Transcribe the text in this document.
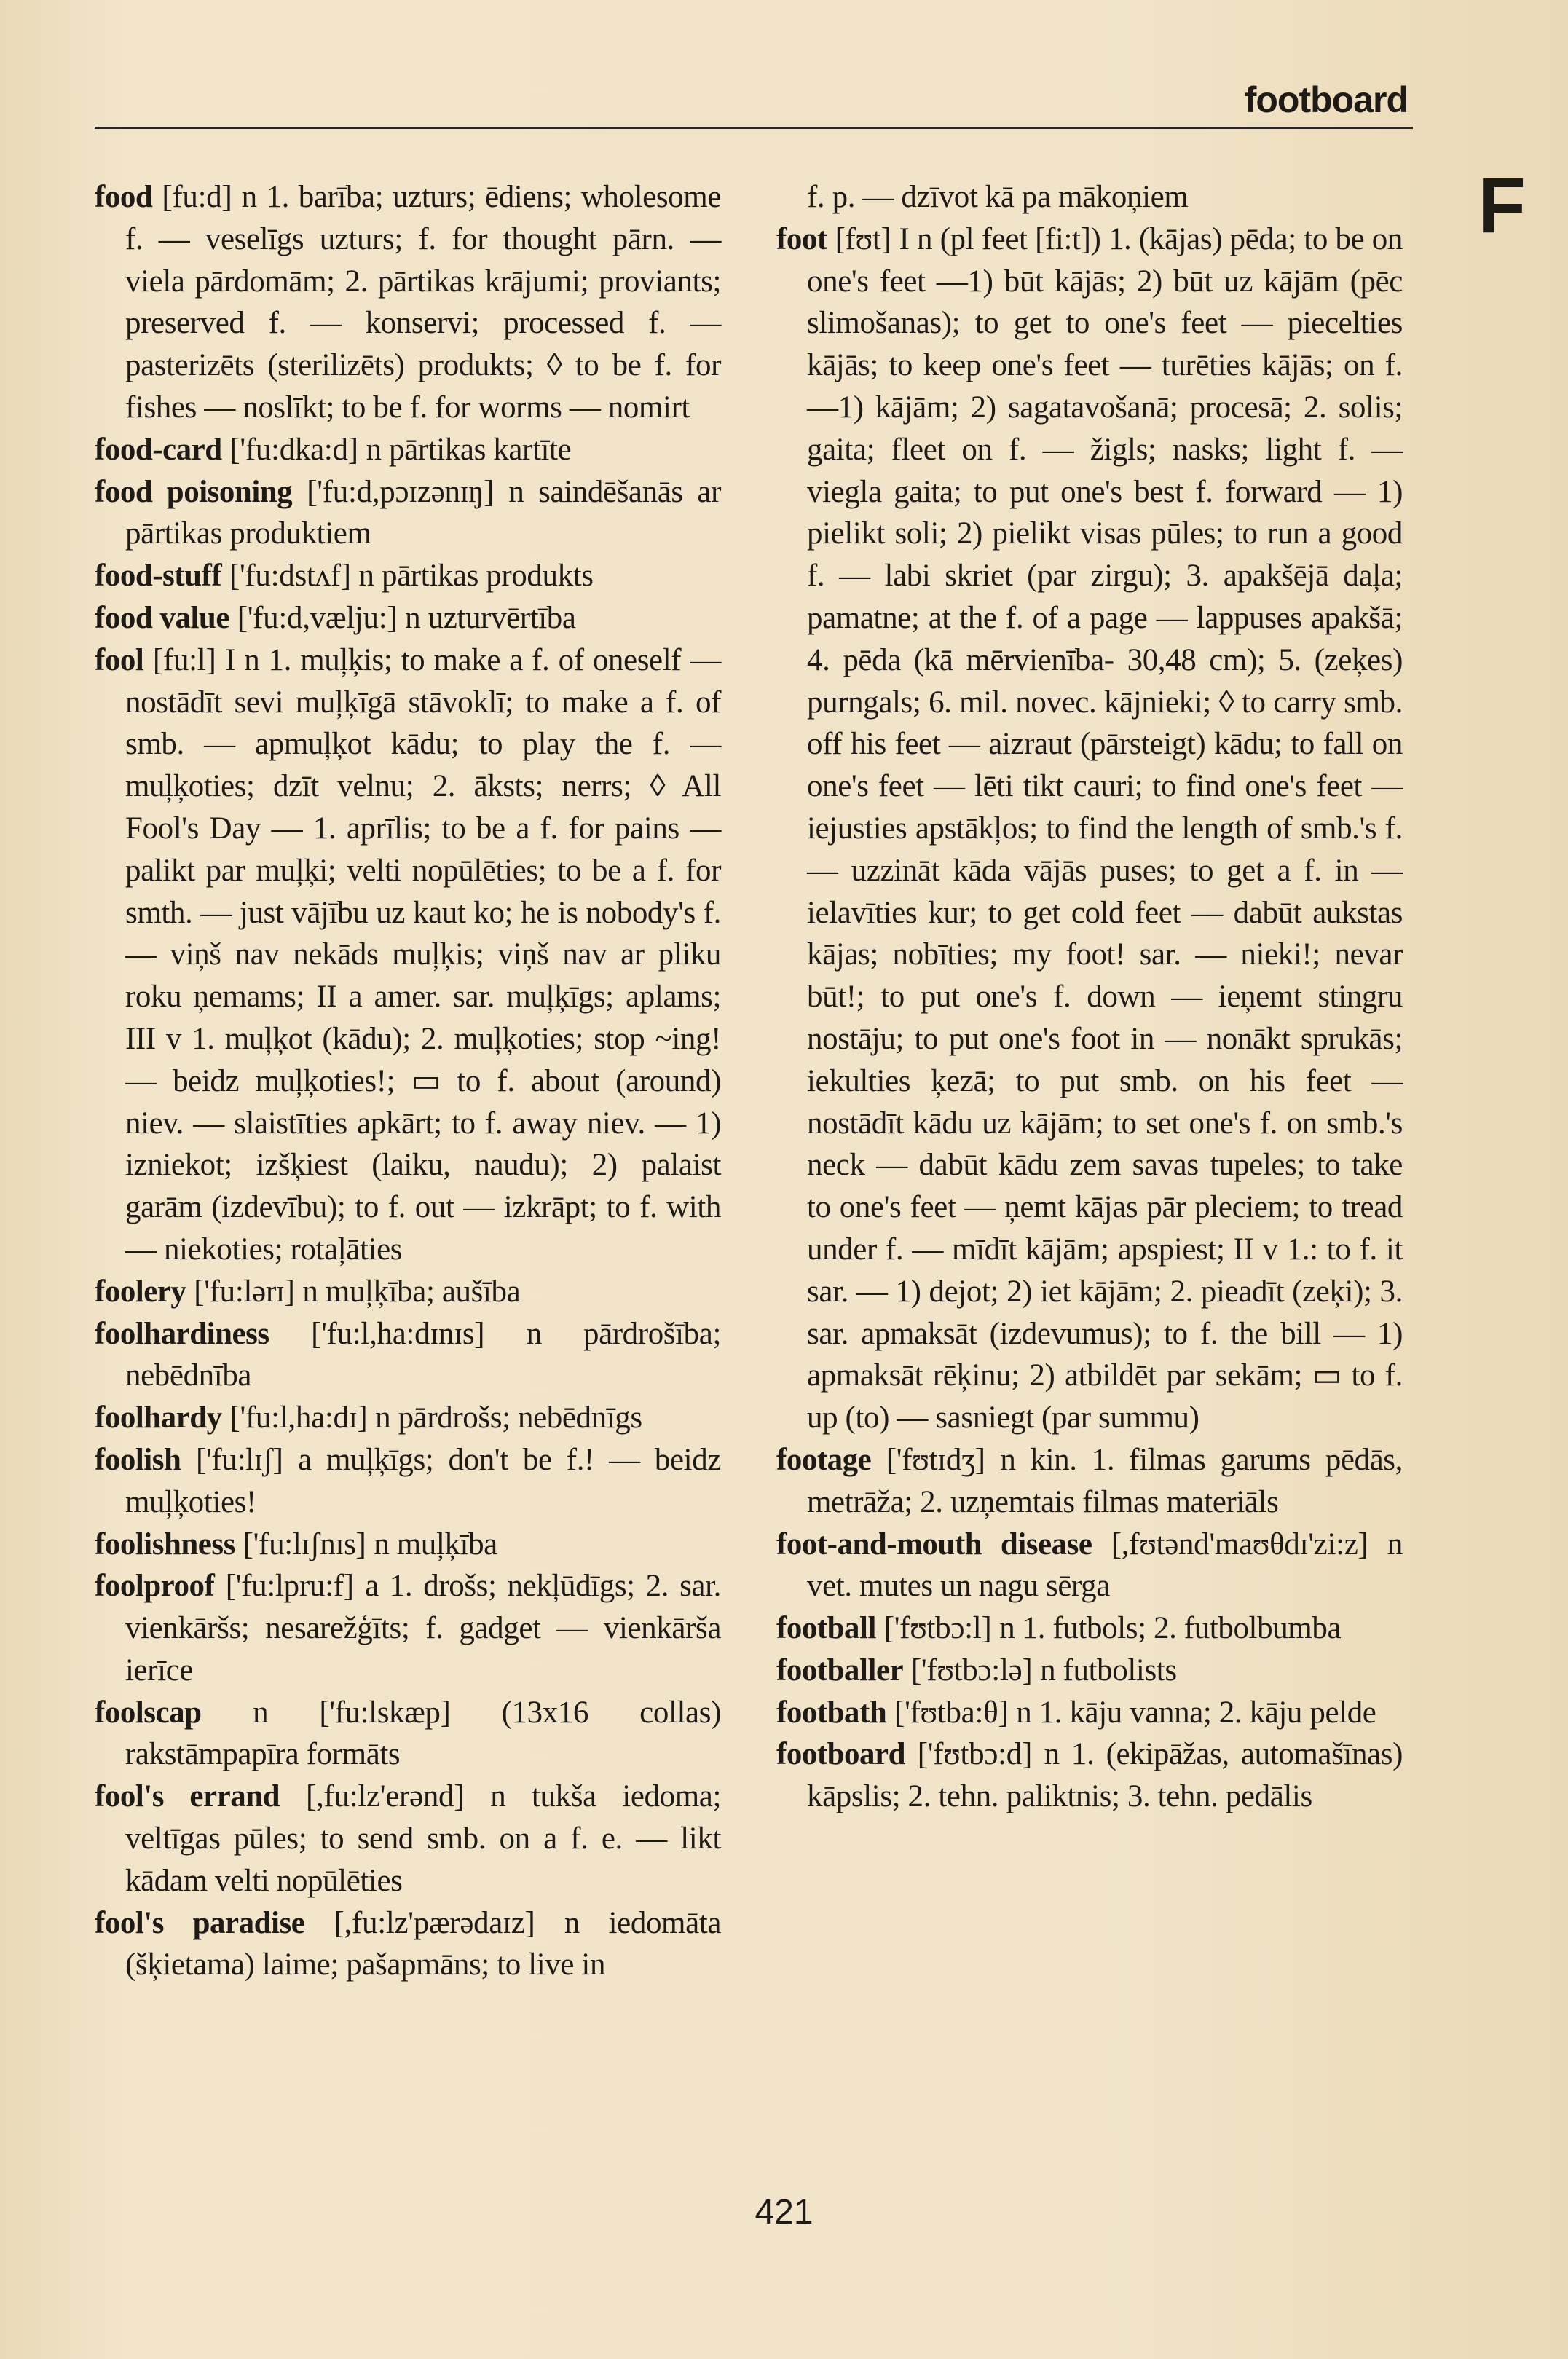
footboard
F

food [fu:d] n 1. barība; uzturs; ēdiens; wholesome f. — veselīgs uzturs; f. for thought pārn. — viela pārdomām; 2. pārtikas krājumi; proviants; preserved f. — konservi; processed f. — pasterizēts (sterilizēts) produkts; ◊ to be f. for fishes — noslīkt; to be f. for worms — nomirt

food-card ['fu:dka:d] n pārtikas kartīte

food poisoning ['fu:d,pɔɪzənɪŋ] n saindēšanās ar pārtikas produktiem

food-stuff ['fu:dstʌf] n pārtikas produkts

food value ['fu:d,vælju:] n uzturvērtība

fool [fu:l] I n 1. muļķis; to make a f. of oneself — nostādīt sevi muļķīgā stāvoklī; to make a f. of smb. — apmuļķot kādu; to play the f. — muļķoties; dzīt velnu; 2. āksts; nerrs; ◊ All Fool's Day — 1. aprīlis; to be a f. for pains — palikt par muļķi; velti nopūlēties; to be a f. for smth. — just vājību uz kaut ko; he is nobody's f. — viņš nav nekāds muļķis; viņš nav ar pliku roku ņemams; II a amer. sar. muļķīgs; aplams; III v 1. muļķot (kādu); 2. muļķoties; stop ~ing! — beidz muļķoties!; ▭ to f. about (around) niev. — slaistīties apkārt; to f. away niev. — 1) izniekot; izšķiest (laiku, naudu); 2) palaist garām (izdevību); to f. out — izkrāpt; to f. with — niekoties; rotaļāties

foolery ['fu:lərɪ] n muļķība; aušība

foolhardiness ['fu:l,ha:dɪnɪs] n pārdrošība; nebēdnība

foolhardy ['fu:l,ha:dɪ] n pārdrošs; nebēdnīgs

foolish ['fu:lɪʃ] a muļķīgs; don't be f.! — beidz muļķoties!

foolishness ['fu:lɪʃnɪs] n muļķība

foolproof ['fu:lpru:f] a 1. drošs; nekļūdīgs; 2. sar. vienkāršs; nesarežģīts; f. gadget — vienkārša ierīce

foolscap n ['fu:lskæp] (13x16 collas) rakstāmpapīra formāts

fool's errand [,fu:lz'erənd] n tukša iedoma; veltīgas pūles; to send smb. on a f. e. — likt kādam velti nopūlēties

fool's paradise [,fu:lz'pærədaɪz] n iedomāta (šķietama) laime; pašapmāns; to live in

f. p. — dzīvot kā pa mākoņiem

foot [fʊt] I n (pl feet [fi:t]) 1. (kājas) pēda; to be on one's feet —1) būt kājās; 2) būt uz kājām (pēc slimošanas); to get to one's feet — piecelties kājās; to keep one's feet — turēties kājās; on f. —1) kājām; 2) sagatavošanā; procesā; 2. solis; gaita; fleet on f. — žigls; nasks; light f. — viegla gaita; to put one's best f. forward — 1) pielikt soli; 2) pielikt visas pūles; to run a good f. — labi skriet (par zirgu); 3. apakšējā daļa; pamatne; at the f. of a page — lappuses apakšā; 4. pēda (kā mērvienība- 30,48 cm); 5. (zeķes) purngals; 6. mil. novec. kājnieki; ◊ to carry smb. off his feet — aizraut (pārsteigt) kādu; to fall on one's feet — lēti tikt cauri; to find one's feet — iejusties apstākļos; to find the length of smb.'s f. — uzzināt kāda vājās puses; to get a f. in — ielavīties kur; to get cold feet — dabūt aukstas kājas; nobīties; my foot! sar. — nieki!; nevar būt!; to put one's f. down — ieņemt stingru nostāju; to put one's foot in — nonākt sprukās; iekulties ķezā; to put smb. on his feet — nostādīt kādu uz kājām; to set one's f. on smb.'s neck — dabūt kādu zem savas tupeles; to take to one's feet — ņemt kājas pār pleciem; to tread under f. — mīdīt kājām; apspiest; II v 1.: to f. it sar. — 1) dejot; 2) iet kājām; 2. pieadīt (zeķi); 3. sar. apmaksāt (izdevumus); to f. the bill — 1) apmaksāt rēķinu; 2) atbildēt par sekām; ▭ to f. up (to) — sasniegt (par summu)

footage ['fʊtɪdʒ] n kin. 1. filmas garums pēdās, metrāža; 2. uzņemtais filmas materiāls

foot-and-mouth disease [,fʊtənd'maʊθdɪ'zi:z] n vet. mutes un nagu sērga

football ['fʊtbɔ:l] n 1. futbols; 2. futbolbumba

footballer ['fʊtbɔ:lə] n futbolists

footbath ['fʊtba:θ] n 1. kāju vanna; 2. kāju pelde

footboard ['fʊtbɔ:d] n 1. (ekipāžas, automašīnas) kāpslis; 2. tehn. paliktnis; 3. tehn. pedālis

421
